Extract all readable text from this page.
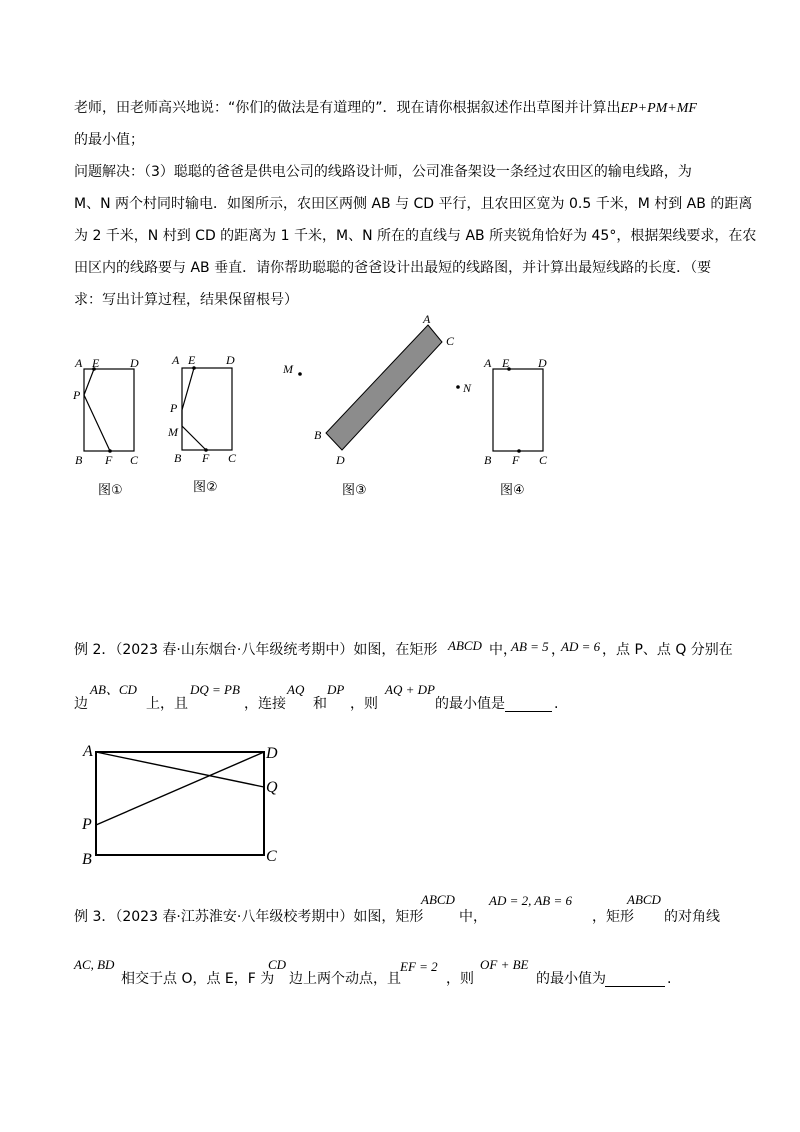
老师，田老师高兴地说：“你们的做法是有道理的”．现在请你根据叙述作出草图并计算出EP+PM+MF
的最小值；
问题解决：（3）聪聪的爸爸是供电公司的线路设计师，公司准备架设一条经过农田区的输电线路，为
M、N 两个村同时输电．如图所示，农田区两侧 AB 与 CD 平行，且农田区宽为 0.5 千米，M 村到 AB 的距离
为 2 千米，N 村到 CD 的距离为 1 千米，M、N 所在的直线与 AB 所夹锐角恰好为 45°，根据架线要求，在农
田区内的线路要与 AB 垂直．请你帮助聪聪的爸爸设计出最短的线路图，并计算出最短线路的长度．（要
求：写出计算过程，结果保留根号）
A E	D
P
B F C
图①
A E	D
P
M
B F C
图②
A
C
B
D
M
N
图③
A E D
B F C
图④
例 2．（2023 春·山东烟台·八年级统考期中）如图，在矩形 ABCD 中，
AB = 5 ，
AD = 6 ，点 P、点 Q 分别在
边
AB、CD
上，且
DQ = PB
，连接
AQ
和
DP
，则
AQ + DP
的最小值是	.
A	D
Q
P
B	C
例 3．（2023 春·江苏淮安·八年级校考期中）如图，矩形
ABCD
中，
AD = 2, AB = 6
，矩形
ABCD
的对角线
AC, BD
相交于点 O，点 E，F 为
CD
边上两个动点，且
EF = 2
，则
OF + BE
的最小值为	.
